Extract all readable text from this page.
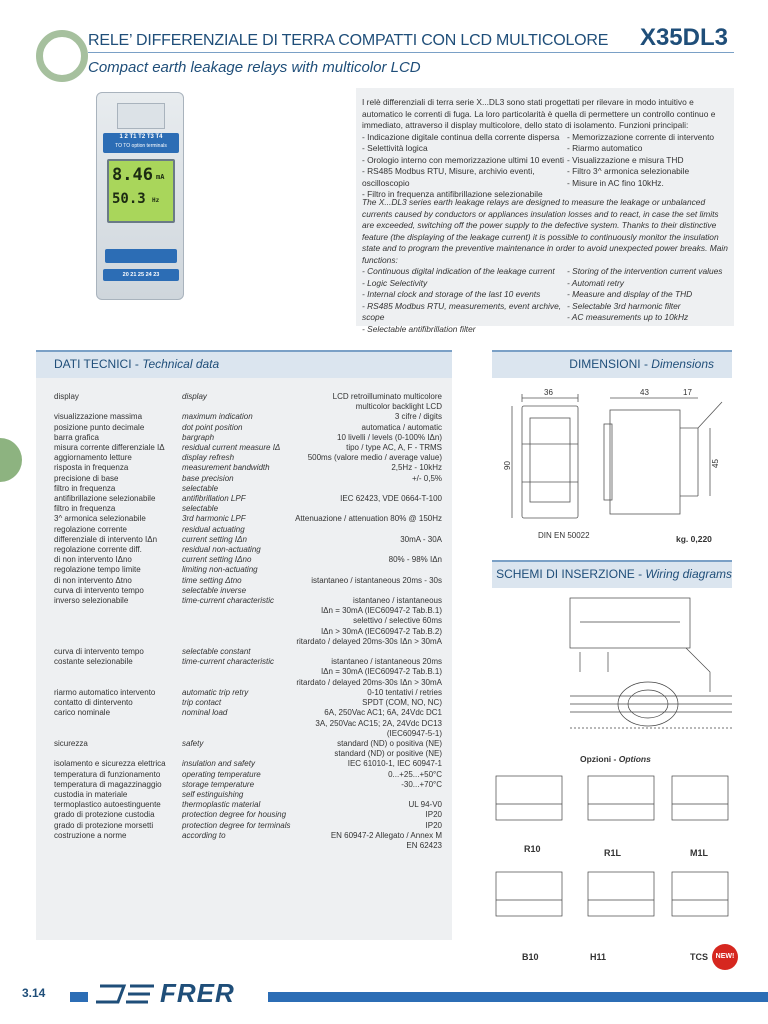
RELE’ DIFFERENZIALE DI TERRA COMPATTI CON LCD MULTICOLORE
Compact earth leakage relays with multicolor LCD
X35DL3
1 2 T1 T2 T3 T4
TO TO option terminals
8.46 mA
50.3 Hz
20 21 25 24 23
I relè differenziali di terra serie X...DL3 sono stati progettati per rilevare in modo intuitivo e automatico le correnti di fuga. La loro particolarità è quella di permettere un controllo continuo e immediato, attraverso il display multicolore, dello stato di isolamento. Funzioni principali:
- Indicazione digitale continua della corrente dispersa
- Selettività logica
- Orologio interno con memorizzazione ultimi 10 eventi
- RS485 Modbus RTU, Misure, archivio eventi, oscilloscopio
- Filtro in frequenza antifibrillazione selezionabile
- Memorizzazione corrente di intervento
- Riarmo automatico
- Visualizzazione e misura THD
- Filtro 3^ armonica selezionabile
- Misure in AC fino 10kHz.
The X...DL3 series earth leakage relays are designed to measure the leakage or unbalanced currents caused by conductors or appliances insulation losses and to react, in case the set limits are exceeded, switching off the power supply to the defective system. Thanks to their distinctive feature (the displaying of the leakage current) it is possible to continuously monitor the insulation state and to program the preventive maintenance in order to avoid unexpected power breaks. Main functions:
- Continuous digital indication of the leakage current
- Logic Selectivity
- Internal clock and storage of the last 10 events
- RS485 Modbus RTU, measurements, event archive, scope
- Selectable antifibrillation filter
- Storing of the intervention current values
- Automati retry
- Measure and display of the THD
- Selectable 3rd harmonic filter
- AC measurements up to 10kHz
DATI TECNICI - Technical data
display	display	LCD retroilluminato multicolore
multicolor backlight LCD
visualizzazione massima	maximum indication	3 cifre / digits
posizione punto decimale	dot point position	automatica / automatic
barra grafica	bargraph	10 livelli / levels (0-100% IΔn)
misura corrente differenziale IΔ	residual current measure IΔ	tipo / type AC, A, F - TRMS
aggiornamento letture	display refresh	500ms (valore medio / average value)
risposta in frequenza	measurement bandwidth	2,5Hz - 10kHz
precisione di base	base precision	+/- 0,5%
filtro in frequenza	selectable
antifibrillazione selezionabile	antifibrillation LPF	IEC 62423, VDE 0664-T-100
filtro in frequenza	selectable
3^ armonica selezionabile	3rd harmonic LPF	Attenuazione / attenuation 80% @ 150Hz
regolazione corrente	residual actuating
differenziale di intervento IΔn	current setting IΔn	30mA - 30A
regolazione corrente diff.	residual non-actuating
di non intervento IΔno	current setting IΔno	80% - 98% IΔn
regolazione tempo limite	limiting non-actuating
di non intervento Δtno	time setting Δtno	istantaneo / istantaneous 20ms - 30s
curva di intervento tempo	selectable inverse
inverso selezionabile	time-current characteristic	istantaneo / istantaneous
IΔn = 30mA (IEC60947-2 Tab.B.1)
selettivo / selective 60ms
IΔn > 30mA (IEC60947-2 Tab.B.2)
ritardato / delayed 20ms-30s IΔn > 30mA
curva di intervento tempo	selectable constant
costante selezionabile	time-current characteristic	istantaneo / istantaneous 20ms
IΔn = 30mA (IEC60947-2 Tab.B.1)
ritardato / delayed 20ms-30s IΔn > 30mA
riarmo automatico intervento	automatic trip retry	0-10 tentativi / retries
contatto di dintervento	trip contact	SPDT (COM, NO, NC)
carico nominale	nominal load	6A, 250Vac AC1; 6A, 24Vdc DC1
3A, 250Vac AC15; 2A, 24Vdc DC13 (IEC60947-5-1)
sicurezza	safety	standard (ND) o positiva (NE)
standard (ND) or positive (NE)
isolamento e sicurezza elettrica	insulation and safety	IEC 61010-1, IEC 60947-1
temperatura di funzionamento	operating temperature	0...+25...+50°C
temperatura di magazzinaggio	storage temperature	-30...+70°C
custodia in materiale	self estinguishing
termoplastico autoestinguente	thermoplastic material	UL 94-V0
grado di protezione custodia	protection degree for housing	IP20
grado di protezione morsetti	protection degree for terminals	IP20
costruzione a norme	according to	EN 60947-2 Allegato / Annex M
EN 62423
DIMENSIONI - Dimensions
36	43	17
90	45
DIN EN 50022	kg. 0,220
SCHEMI DI INSERZIONE - Wiring diagrams
Opzioni - Options
R10	R1L	M1L
B10	H11	TCS	NEW!
3.14	FRER
